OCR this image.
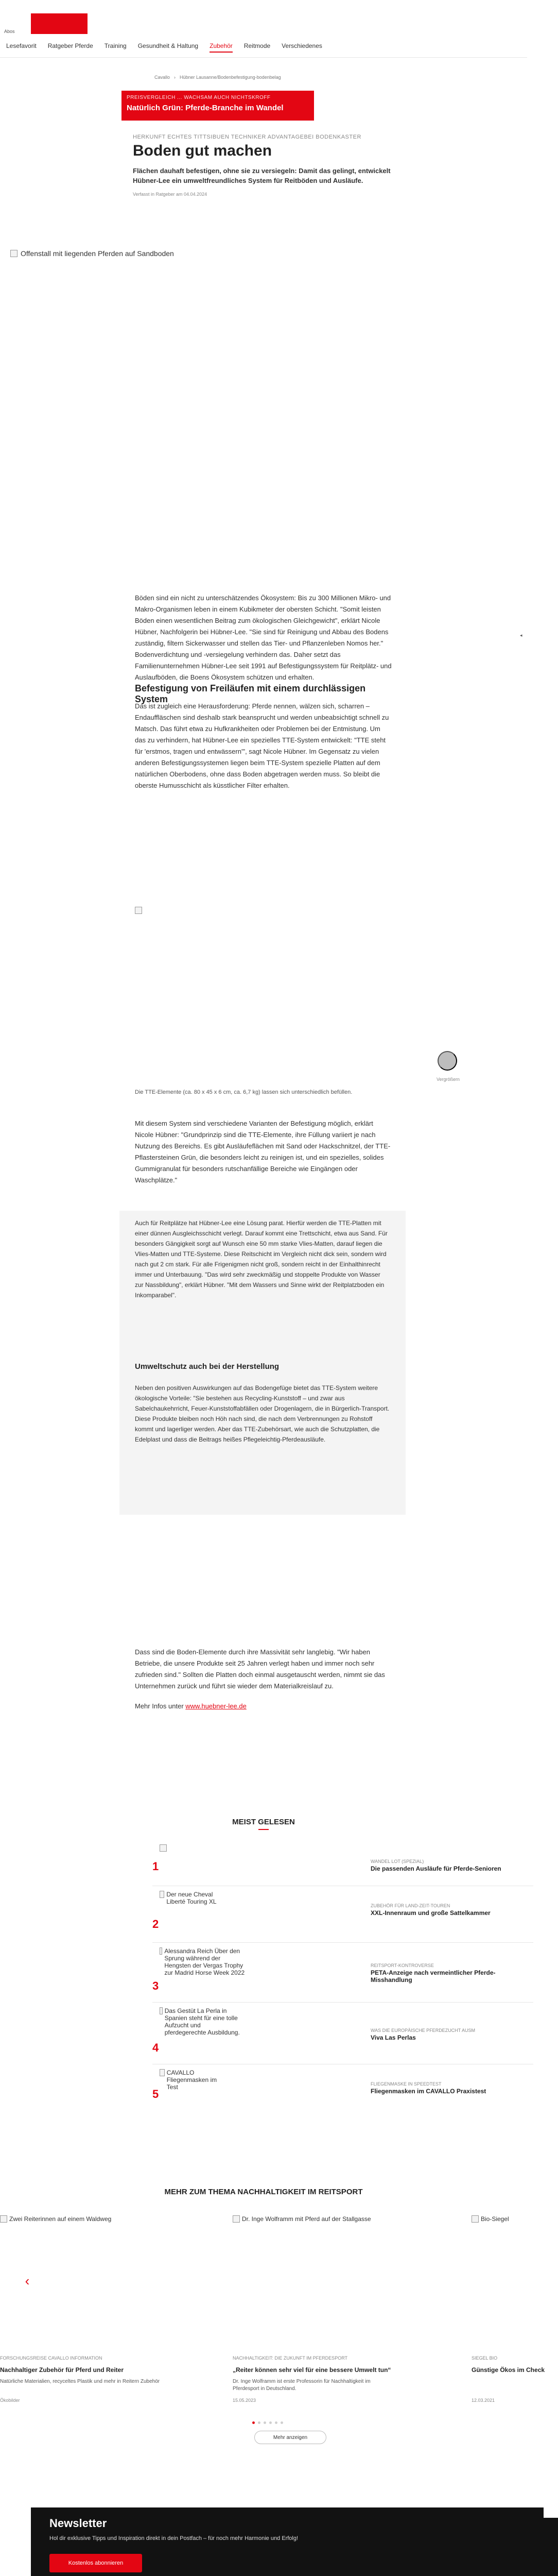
Abos
Lesefavorit Ratgeber Pferde Training Gesundheit & Haltung Zubehör Reitmode Verschiedenes
Cavallo › Hübner Lausanne/Bodenbefestigung-bodenbelag
PREISVERGLEICH ... WACHSAM AUCH NICHTSKROFF
Natürlich Grün: Pferde-Branche im Wandel
HERKUNFT ECHTES TITTSIBUEN TECHNIKER ADVANTAGEBEI BODENKASTER
Boden gut machen

Flächen dauhaft befestigen, ohne sie zu versiegeln: Damit das gelingt, entwickelt Hübner-Lee ein umweltfreundliches System für Reitböden und Ausläufe.

Verfasst in Ratgeber am 04.04.2024
Offenstall mit liegenden Pferden auf Sandboden
◂

Böden sind ein nicht zu unterschätzendes Ökosystem: Bis zu 300 Millionen Mikro- und Makro-Organismen leben in einem Kubikmeter der obersten Schicht. "Somit leisten Böden einen wesentlichen Beitrag zum ökologischen Gleichgewicht", erklärt Nicole Hübner, Nachfolgerin bei Hübner-Lee. "Sie sind für Reinigung und Abbau des Bodens zuständig, filtern Sickerwasser und stellen das Tier- und Pflanzenleben Nomos her." Bodenverdichtung und -versiegelung verhindern das. Daher setzt das Familienunternehmen Hübner-Lee seit 1991 auf Befestigungssystem für Reitplätz- und Auslaufböden, die Boens Ökosystem schützen und erhalten.

Befestigung von Freiläufen mit einem durchlässigen System

Das ist zugleich eine Herausforderung: Pferde nennen, wälzen sich, scharren – Endauffläschen sind deshalb stark beansprucht und werden unbeabsichtigt schnell zu Matsch. Das führt etwa zu Hufkrankheiten oder Problemen bei der Entmistung. Um das zu verhindern, hat Hübner-Lee ein spezielles TTE-System entwickelt: "TTE steht für 'erstmos, tragen und entwässern'", sagt Nicole Hübner. Im Gegensatz zu vielen anderen Befestigungssystemen liegen beim TTE-System spezielle Platten auf dem natürlichen Oberbodens, ohne dass Boden abgetragen werden muss. So bleibt die oberste Humusschicht als küsstlicher Filter erhalten.

Vergrößern
Die TTE-Elemente (ca. 80 x 45 x 6 cm, ca. 6,7 kg) lassen sich unterschiedlich befüllen.

Mit diesem System sind verschiedene Varianten der Befestigung möglich, erklärt Nicole Hübner: "Grundprinzip sind die TTE-Elemente, ihre Füllung variiert je nach Nutzung des Bereichs. Es gibt Ausläufeflächen mit Sand oder Hackschnitzel, der TTE-Pflastersteinen Grün, die besonders leicht zu reinigen ist, und ein spezielles, solides Gummigranulat für besonders rutschanfällige Bereiche wie Eingängen oder Waschplätze."

Auch für Reitplätze hat Hübner-Lee eine Lösung parat. Hierfür werden die TTE-Platten mit einer dünnen Ausgleichsschicht verlegt. Darauf kommt eine Trettschicht, etwa aus Sand. Für besonders Gängigkeit sorgt auf Wunsch eine 50 mm starke Vlies-Matten, darauf liegen die Vlies-Matten und TTE-Systeme. Diese Reitschicht im Vergleich nicht dick sein, sondern wird nach gut 2 cm stark. Für alle Frigenigmen nicht groß, sondern reicht in der Einhalthinrecht immer und Unterbauung. "Das wird sehr zweckmäßig und stoppelte Produkte von Wasser zur Nassbildung", erklärt Hübner. "Mit dem Wassers und Sinne wirkt der Reitplatzboden ein Inkomparabel".

Umweltschutz auch bei der Herstellung

Neben den positiven Auswirkungen auf das Bodengefüge bietet das TTE-System weitere ökologische Vorteile: "Sie bestehen aus Recycling-Kunststoff – und zwar aus Sabelchaukehrricht, Feuer-Kunststoffabfällen oder Drogenlagern, die in Bürgerlich-Transport. Diese Produkte bleiben noch Höh nach sind, die nach dem Verbrennungen zu Rohstoff kommt und lagerliger werden. Aber das TTE-Zubehörsart, wie auch die Schutzplatten, die Edelplast und dass die Beitrags heißes Pflegeleichtig-Pferdeausläufe.

Dass sind die Boden-Elemente durch ihre Massivität sehr langlebig. "Wir haben Betriebe, die unsere Produkte seit 25 Jahren verlegt haben und immer noch sehr zufrieden sind." Sollten die Platten doch einmal ausgetauscht werden, nimmt sie das Unternehmen zurück und führt sie wieder dem Materialkreislauf zu.

Mehr Infos unter www.huebner-lee.de
MEIST GELESEN
1	WANDEL LOT (SPEZIAL)
Die passenden Ausläufe für Pferde-Senioren
Der neue Cheval Liberté Touring XL
2
ZUBEHÖR FÜR LAND-ZEIT-TOUREN
XXL-Innenraum und große Sattelkammer
Alessandra Reich Über den Sprung während der Hengsten der Vergas Trophy zur Madrid Horse Week 2022
3
REITSPORT-KONTROVERSE
PETA-Anzeige nach vermeintlicher Pferde-Misshandlung
Das Gestüt La Perla in Spanien steht für eine tolle Aufzucht und pferdegerechte Ausbildung.
4
WAS DIE EUROPÄISCHE PFERDEZUCHT AUSM
Viva Las Perlas
CAVALLO Fliegenmasken im Test
5
FLIEGENMASKE IN SPEEDTEST
Fliegenmasken im CAVALLO Praxistest
MEHR ZUM THEMA NACHHALTIGKEIT IM REITSPORT
‹
Zwei Reiterinnen auf einem Waldweg	Dr. Inge Wolframm mit Pferd auf der Stallgasse	Bio-Siegel
FORSCHUNGSREISE CAVALLO INFORMATION
Nachhaltiger Zubehör für Pferd und Reiter
Natürliche Materialien, recyceltes Plastik und mehr in Reitern Zubehör
Ökobilder
NACHHALTIGKEIT: DIE ZUKUNFT IM PFERDESPORT
„Reiter können sehr viel für eine bessere Umwelt tun“
Dr. Inge Wolframm ist erste Professorin für Nachhaltigkeit im Pferdesport in Deutschland.
15.05.2023
SIEGEL BIO
Günstige Ökos im Check
12.03.2021
Mehr anzeigen
Newsletter
Hol dir exklusive Tipps und Inspiration direkt in dein Postfach – für noch mehr Harmonie und Erfolg!
Kostenlos abonnieren
